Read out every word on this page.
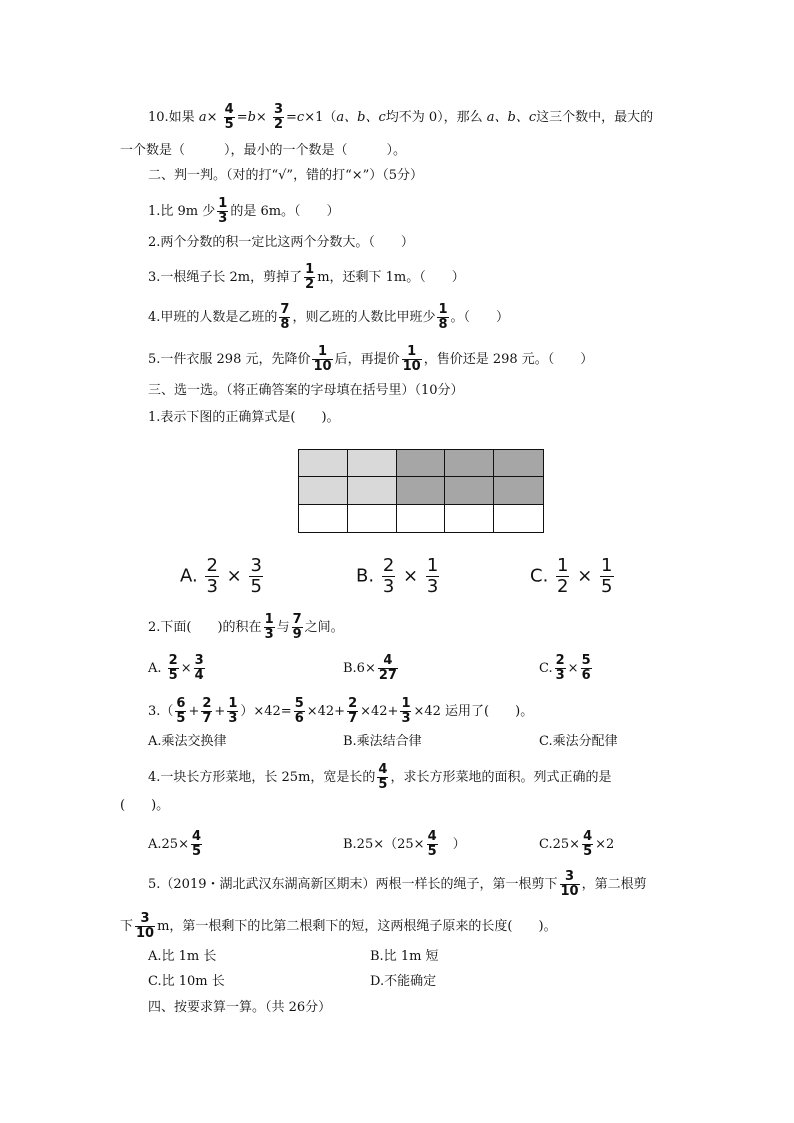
10.如果 $a\times \frac{4}{5} =b\times \frac{3}{2} =c\times 1(a$、b、c均不为 0），那么 a、b、c这三个数中，最大的
一个数是（　　　），最小的一个数是（　　　）。
二、判一判。（对的打“√”，错的打“×”）（5分）
1.比 9m 少 $\frac{1}{3}$ 的是 6m。（　　）
2.两个分数的积一定比这两个分数大。（　　）
3.一根绳子长 2m，剪掉了 $\frac{1}{2}$ m，还剩下 1m。（　　）
4.甲班的人数是乙班的 $\frac{7}{8}$ ，则乙班的人数比甲班少 $\frac{1}{8}$ 。（　　）
5.一件衣服 298 元，先降价 $\frac{1}{10}$ 后，再提价 $\frac{1}{10}$ ，售价还是 298 元。（　　）
三、选一选。（将正确答案的字母填在括号里）（10分）
1.表示下图的正确算式是(　　)。
A. $\frac{2}{3} \times \frac{3}{5}$	B. $\frac{2}{3} \times \frac{1}{3}$	C. $\frac{1}{2} \times \frac{1}{5}$
2.下面(　　)的积在 $\frac{1}{3}$ 与 $\frac{7}{9}$ 之间。
A. $\frac{2}{5} \times \frac{3}{4}$	$B.6\times \frac{4}{27}$	C. $\frac{2}{3} \times \frac{5}{6}$
$3.( \frac{6}{5} + \frac{2}{7} + \frac{1}{3} )\times 42= \frac{5}{6} \times 42+ \frac{2}{7} \times 42+ \frac{1}{3} \times 42$ 运用了(　　)。
A.乘法交换律	B.乘法结合律	C.乘法分配律
4.一块长方形菜地，长 25m，宽是长的 $\frac{4}{5}$ ，求长方形菜地的面积。列式正确的是
(　　)。
$A.25\times \frac{4}{5}$	$B.25\times(25\times \frac{4}{5}$ 　）	$C.25\times \frac{4}{5} \times 2$
5.（2019・湖北武汉东湖高新区期末）两根一样长的绳子，第一根剪下 $\frac{3}{10}$ ，第二根剪
下 $\frac{3}{10}$ m，第一根剩下的比第二根剩下的短，这两根绳子原来的长度(　　)。
A.比 1m 长	B.比 1m 短
C.比 10m 长	D.不能确定
四、按要求算一算。（共 26分）
